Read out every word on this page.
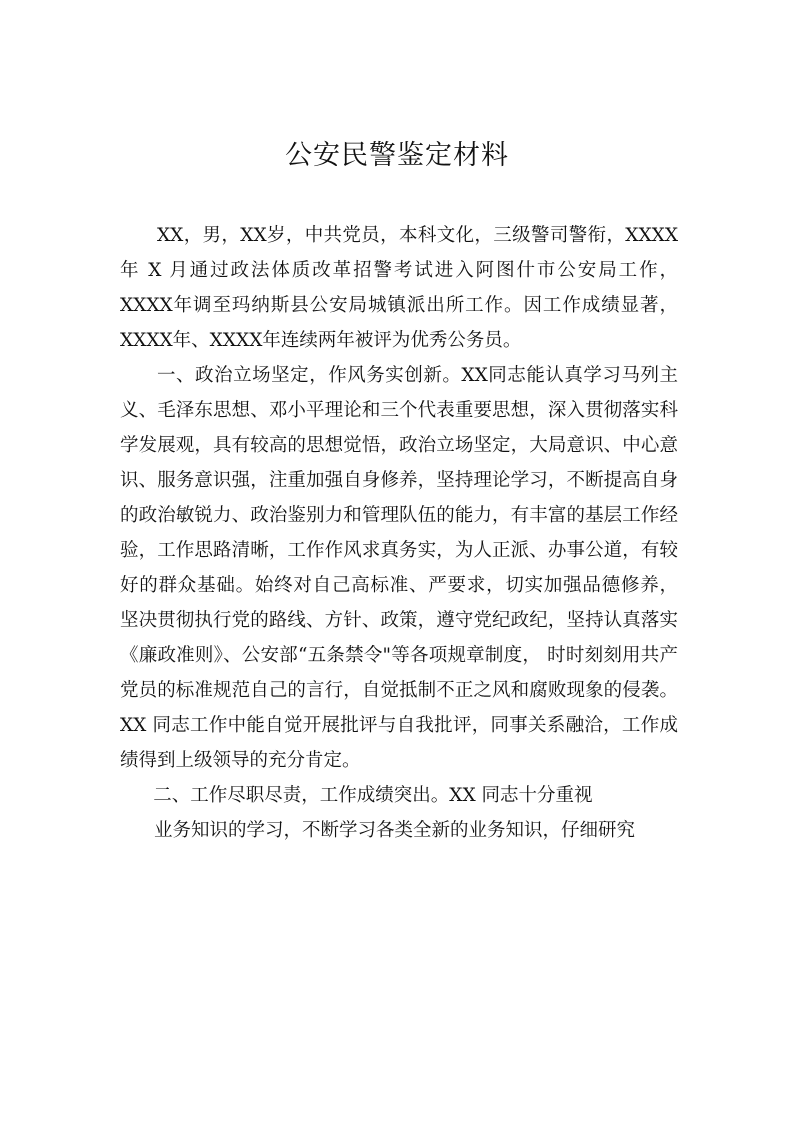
公安民警鉴定材料

XX，男，XX岁，中共党员，本科文化，三级警司警衔，XXXX 年 X 月通过政法体质改革招警考试进入阿图什市公安局工作，XXXX年调至玛纳斯县公安局城镇派出所工作。因工作成绩显著，XXXX年、XXXX年连续两年被评为优秀公务员。

一、政治立场坚定，作风务实创新。XX同志能认真学习马列主义、毛泽东思想、邓小平理论和三个代表重要思想，深入贯彻落实科学发展观，具有较高的思想觉悟，政治立场坚定，大局意识、中心意识、服务意识强，注重加强自身修养，坚持理论学习，不断提高自身的政治敏锐力、政治鉴别力和管理队伍的能力，有丰富的基层工作经验，工作思路清晰，工作作风求真务实，为人正派、办事公道，有较好的群众基础。始终对自己高标准、严要求，切实加强品德修养， 坚决贯彻执行党的路线、方针、政策，遵守党纪政纪，坚持认真落实《廉政准则》、公安部“五条禁令"等各项规章制度， 时时刻刻用共产党员的标准规范自己的言行，自觉抵制不正之风和腐败现象的侵袭。XX 同志工作中能自觉开展批评与自我批评，同事关系融洽，工作成绩得到上级领导的充分肯定。

二、工作尽职尽责，工作成绩突出。XX 同志十分重视

业务知识的学习，不断学习各类全新的业务知识，仔细研究
